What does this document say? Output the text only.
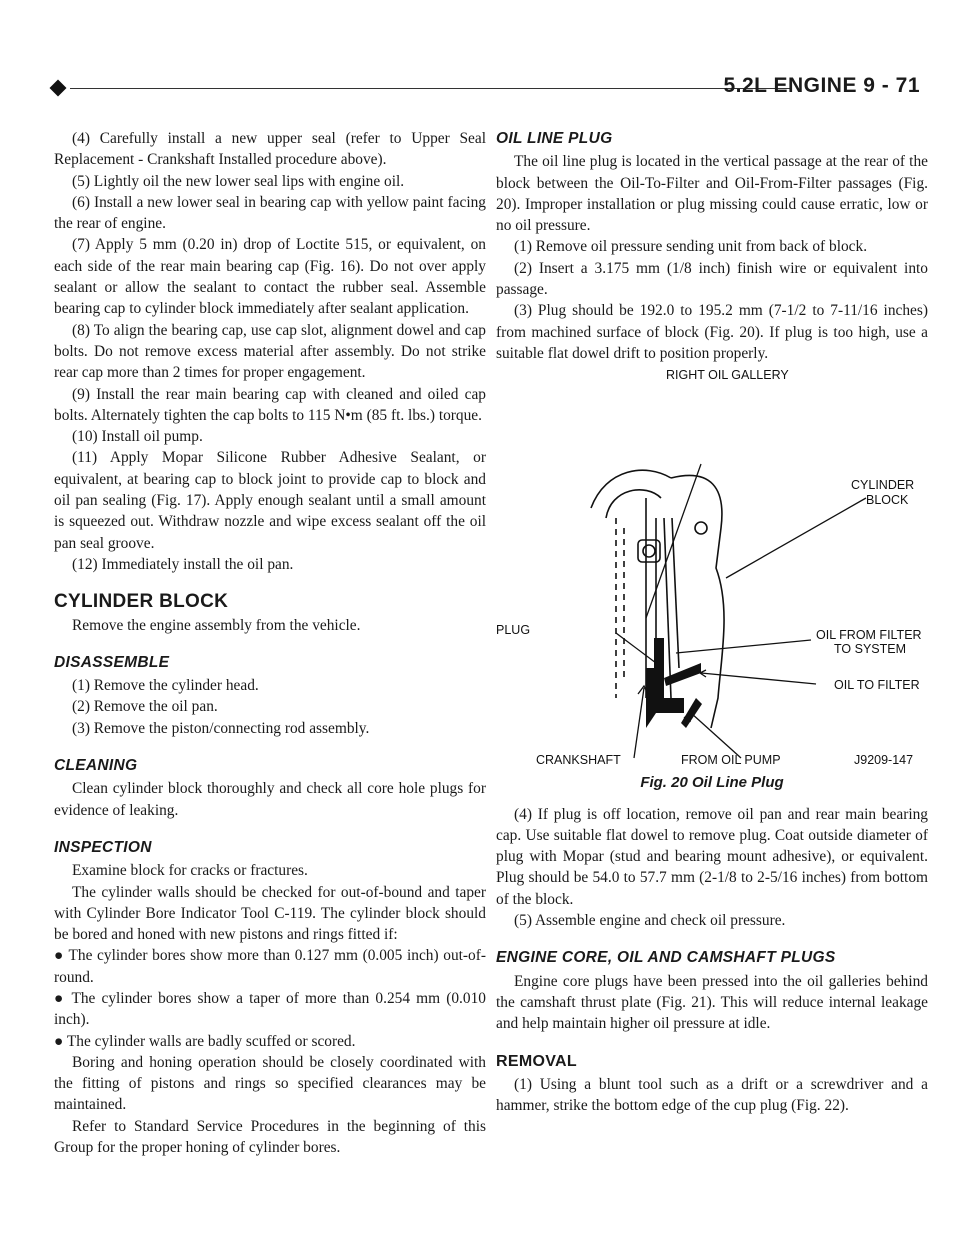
5.2L ENGINE 9 - 71

(4) Carefully install a new upper seal (refer to Upper Seal Replacement - Crankshaft Installed procedure above).

(5) Lightly oil the new lower seal lips with engine oil.

(6) Install a new lower seal in bearing cap with yellow paint facing the rear of engine.

(7) Apply 5 mm (0.20 in) drop of Loctite 515, or equivalent, on each side of the rear main bearing cap (Fig. 16). Do not over apply sealant or allow the sealant to contact the rubber seal. Assemble bearing cap to cylinder block immediately after sealant application.

(8) To align the bearing cap, use cap slot, alignment dowel and cap bolts. Do not remove excess material after assembly. Do not strike rear cap more than 2 times for proper engagement.

(9) Install the rear main bearing cap with cleaned and oiled cap bolts. Alternately tighten the cap bolts to 115 N•m (85 ft. lbs.) torque.

(10) Install oil pump.

(11) Apply Mopar Silicone Rubber Adhesive Sealant, or equivalent, at bearing cap to block joint to provide cap to block and oil pan sealing (Fig. 17). Apply enough sealant until a small amount is squeezed out. Withdraw nozzle and wipe excess sealant off the oil pan seal groove.

(12) Immediately install the oil pan.

CYLINDER BLOCK

Remove the engine assembly from the vehicle.

DISASSEMBLE

(1) Remove the cylinder head.

(2) Remove the oil pan.

(3) Remove the piston/connecting rod assembly.

CLEANING

Clean cylinder block thoroughly and check all core hole plugs for evidence of leaking.

INSPECTION

Examine block for cracks or fractures.

The cylinder walls should be checked for out-of-bound and taper with Cylinder Bore Indicator Tool C-119. The cylinder block should be bored and honed with new pistons and rings fitted if:

● The cylinder bores show more than 0.127 mm (0.005 inch) out-of-round.

● The cylinder bores show a taper of more than 0.254 mm (0.010 inch).

● The cylinder walls are badly scuffed or scored.

Boring and honing operation should be closely coordinated with the fitting of pistons and rings so specified clearances may be maintained.

Refer to Standard Service Procedures in the beginning of this Group for the proper honing of cylinder bores.

OIL LINE PLUG

The oil line plug is located in the vertical passage at the rear of the block between the Oil-To-Filter and Oil-From-Filter passages (Fig. 20). Improper installation or plug missing could cause erratic, low or no oil pressure.

(1) Remove oil pressure sending unit from back of block.

(2) Insert a 3.175 mm (1/8 inch) finish wire or equivalent into passage.

(3) Plug should be 192.0 to 195.2 mm (7-1/2 to 7-11/16 inches) from machined surface of block (Fig. 20). If plug is too high, use a suitable flat dowel drift to position properly.

RIGHT OIL GALLERY
CYLINDER
BLOCK
PLUG	OIL FROM FILTER
TO SYSTEM
OIL TO FILTER
CRANKSHAFT	FROM OIL PUMP	J9209-147
Fig. 20 Oil Line Plug

(4) If plug is off location, remove oil pan and rear main bearing cap. Use suitable flat dowel to remove plug. Coat outside diameter of plug with Mopar (stud and bearing mount adhesive), or equivalent. Plug should be 54.0 to 57.7 mm (2-1/8 to 2-5/16 inches) from bottom of the block.

(5) Assemble engine and check oil pressure.

ENGINE CORE, OIL AND CAMSHAFT PLUGS

Engine core plugs have been pressed into the oil galleries behind the camshaft thrust plate (Fig. 21). This will reduce internal leakage and help maintain higher oil pressure at idle.

REMOVAL

(1) Using a blunt tool such as a drift or a screwdriver and a hammer, strike the bottom edge of the cup plug (Fig. 22).
